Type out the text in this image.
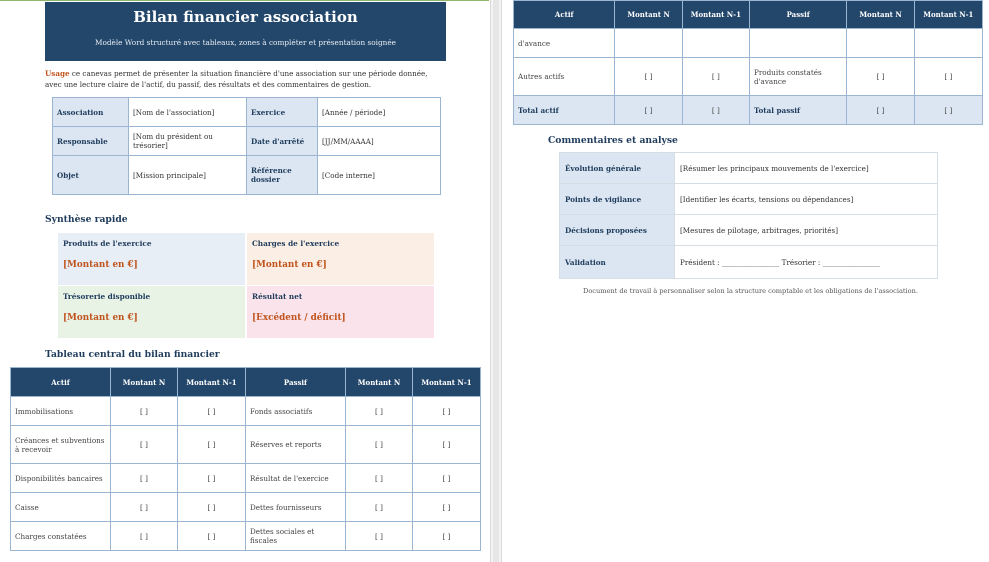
Bilan financier association
Modèle Word structuré avec tableaux, zones à compléter et présentation soignée
Usage ce canevas permet de présenter la situation financière d'une association sur une période donnée, avec une lecture claire de l'actif, du passif, des résultats et des commentaires de gestion.
Association	[Nom de l'association]	Exercice	[Année / période]
Responsable	[Nom du président ou trésorier]	Date d'arrêté	[JJ/MM/AAAA]
Objet	[Mission principale]	Référence dossier	[Code interne]
Synthèse rapide
Produits de l'exercice
[Montant en €]
Charges de l'exercice
[Montant en €]
Trésorerie disponible
[Montant en €]
Résultat net
[Excédent / déficit]
Tableau central du bilan financier
Actif	Montant N	Montant N-1	Passif	Montant N	Montant N-1
Immobilisations	[ ]	[ ]	Fonds associatifs	[ ]	[ ]
Créances et subventions à recevoir	[ ]	[ ]	Réserves et reports	[ ]	[ ]
Disponibilités bancaires	[ ]	[ ]	Résultat de l'exercice	[ ]	[ ]
Caisse	[ ]	[ ]	Dettes fournisseurs	[ ]	[ ]
Charges constatées	[ ]	[ ]	Dettes sociales et fiscales	[ ]	[ ]
Actif	Montant N	Montant N-1	Passif	Montant N	Montant N-1
d'avance					
Autres actifs	[ ]	[ ]	Produits constatés d'avance	[ ]	[ ]
Total actif	[ ]	[ ]	Total passif	[ ]	[ ]
Commentaires et analyse
Évolution générale	[Résumer les principaux mouvements de l'exercice]
Points de vigilance	[Identifier les écarts, tensions ou dépendances]
Décisions proposées	[Mesures de pilotage, arbitrages, priorités]
Validation	Président : ________________ Trésorier : ________________
Document de travail à personnaliser selon la structure comptable et les obligations de l'association.
